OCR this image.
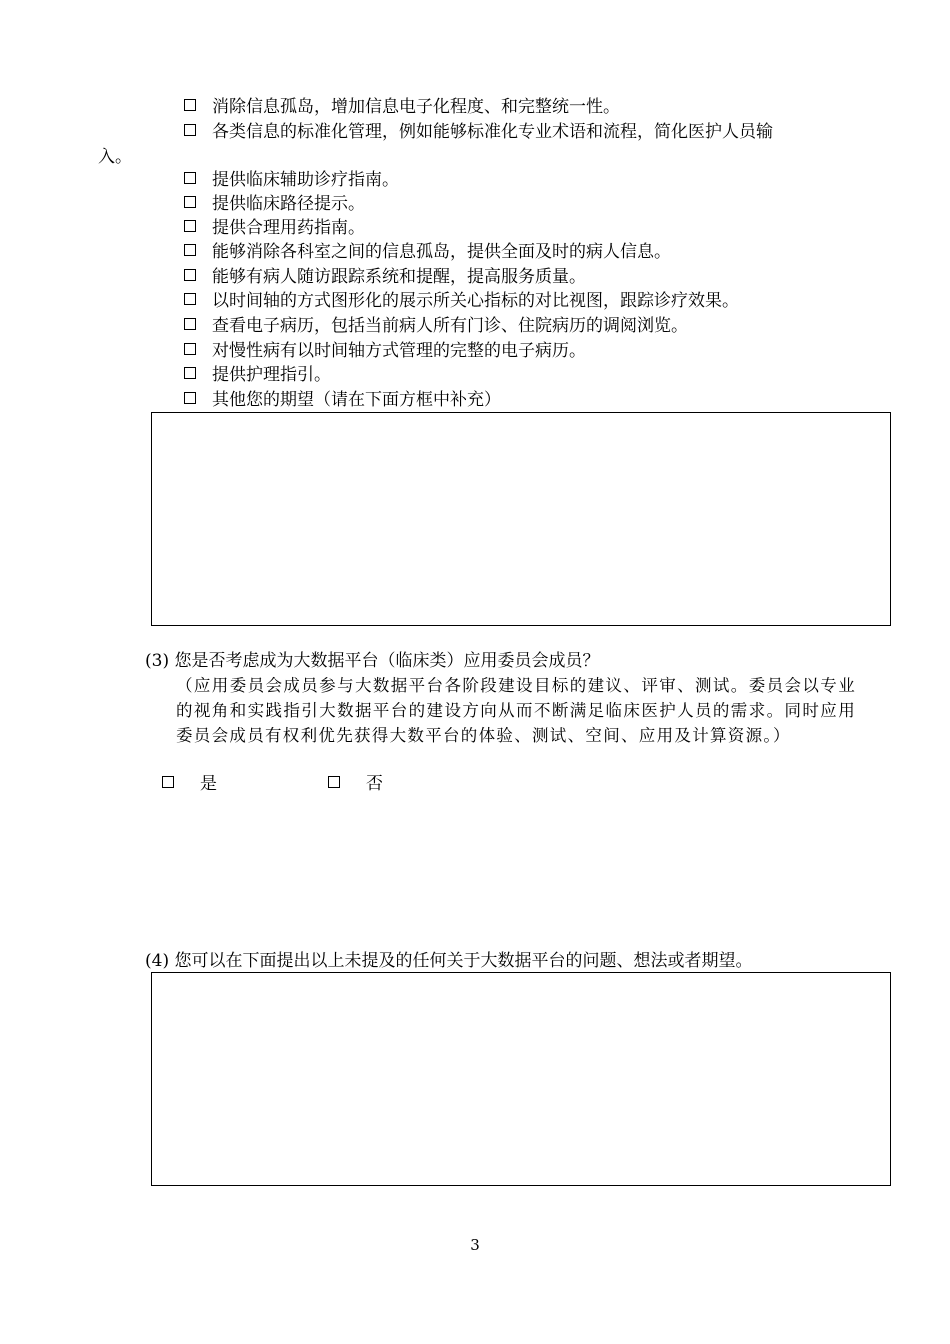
消除信息孤岛，增加信息电子化程度、和完整统一性。
各类信息的标准化管理，例如能够标准化专业术语和流程，简化医护人员输
入。
提供临床辅助诊疗指南。
提供临床路径提示。
提供合理用药指南。
能够消除各科室之间的信息孤岛，提供全面及时的病人信息。
能够有病人随访跟踪系统和提醒，提高服务质量。
以时间轴的方式图形化的展示所关心指标的对比视图，跟踪诊疗效果。
查看电子病历，包括当前病人所有门诊、住院病历的调阅浏览。
对慢性病有以时间轴方式管理的完整的电子病历。
提供护理指引。
其他您的期望（请在下面方框中补充）
(3) 您是否考虑成为大数据平台（临床类）应用委员会成员？
（应用委员会成员参与大数据平台各阶段建设目标的建议、评审、测试。委员会以专业的视角和实践指引大数据平台的建设方向从而不断满足临床医护人员的需求。同时应用委员会成员有权利优先获得大数平台的体验、测试、空间、应用及计算资源。）
是	否
(4) 您可以在下面提出以上未提及的任何关于大数据平台的问题、想法或者期望。
3
